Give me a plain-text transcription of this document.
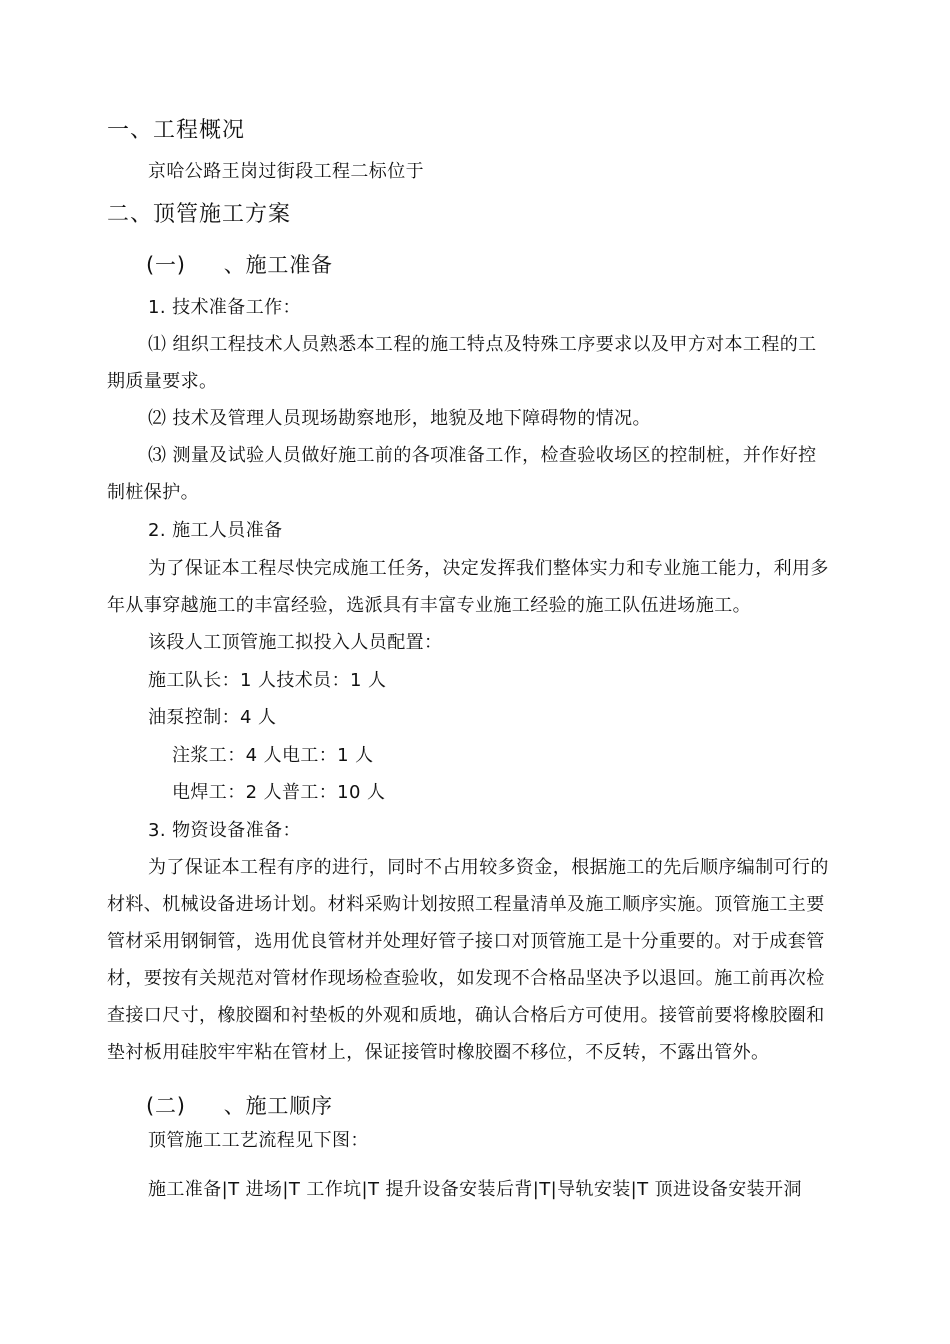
一、工程概况
京哈公路王岗过街段工程二标位于
二、顶管施工方案
(一) 、施工准备
1. 技术准备工作：
⑴ 组织工程技术人员熟悉本工程的施工特点及特殊工序要求以及甲方对本工程的工
期质量要求。
⑵ 技术及管理人员现场勘察地形，地貌及地下障碍物的情况。
⑶ 测量及试验人员做好施工前的各项准备工作，检查验收场区的控制桩，并作好控
制桩保护。
2. 施工人员准备
为了保证本工程尽快完成施工任务，决定发挥我们整体实力和专业施工能力，利用多
年从事穿越施工的丰富经验，选派具有丰富专业施工经验的施工队伍进场施工。
该段人工顶管施工拟投入人员配置：
施工队长：1 人技术员：1 人
油泵控制：4 人
注浆工：4 人电工：1 人
电焊工：2 人普工：10 人
3. 物资设备准备：
为了保证本工程有序的进行，同时不占用较多资金，根据施工的先后顺序编制可行的
材料、机械设备进场计划。材料采购计划按照工程量清单及施工顺序实施。顶管施工主要
管材采用钢铜管，选用优良管材并处理好管子接口对顶管施工是十分重要的。对于成套管
材，要按有关规范对管材作现场检查验收，如发现不合格品坚决予以退回。施工前再次检
查接口尺寸，橡胶圈和衬垫板的外观和质地，确认合格后方可使用。接管前要将橡胶圈和
垫衬板用硅胶牢牢粘在管材上，保证接管时橡胶圈不移位，不反转，不露出管外。
(二) 、施工顺序
顶管施工工艺流程见下图：
施工准备|T 进场|T 工作坑|T 提升设备安装后背|T|导轨安装|T 顶进设备安装开洞
